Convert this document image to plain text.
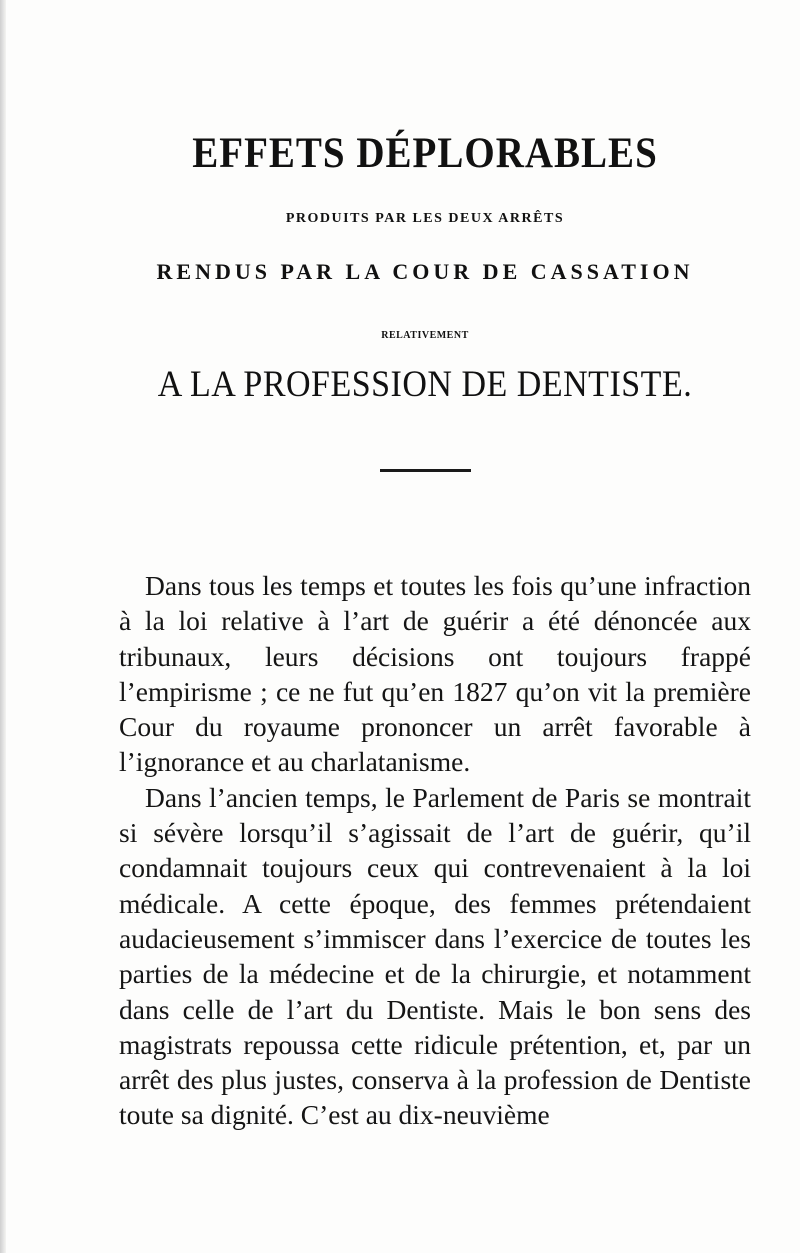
EFFETS DÉPLORABLES
PRODUITS PAR LES DEUX ARRÊTS
RENDUS PAR LA COUR DE CASSATION
RELATIVEMENT
A LA PROFESSION DE DENTISTE.

Dans tous les temps et toutes les fois qu’une infraction à la loi relative à l’art de guérir a été dénoncée aux tribunaux, leurs décisions ont toujours frappé l’empirisme ; ce ne fut qu’en 1827 qu’on vit la première Cour du royaume prononcer un arrêt favorable à l’ignorance et au charlatanisme.

Dans l’ancien temps, le Parlement de Paris se montrait si sévère lorsqu’il s’agissait de l’art de guérir, qu’il condamnait toujours ceux qui contrevenaient à la loi médicale. A cette époque, des femmes prétendaient audacieusement s’immiscer dans l’exercice de toutes les parties de la médecine et de la chirurgie, et notamment dans celle de l’art du Dentiste. Mais le bon sens des magistrats repoussa cette ridicule prétention, et, par un arrêt des plus justes, conserva à la profession de Dentiste toute sa dignité. C’est au dix-neuvième
